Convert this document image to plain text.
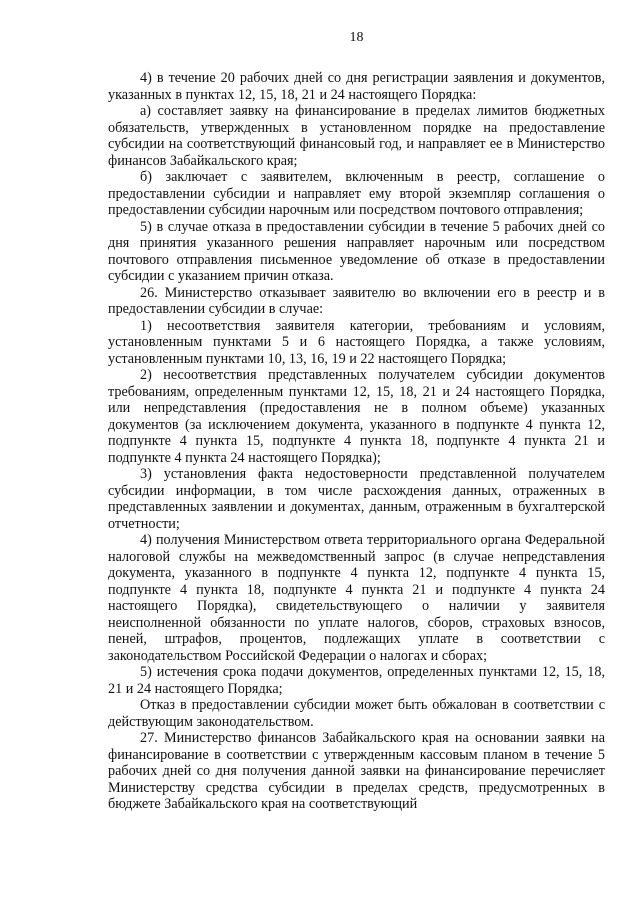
18

4) в течение 20 рабочих дней со дня регистрации заявления и документов, указанных в пунктах 12, 15, 18, 21 и 24 настоящего Порядка:

а) составляет заявку на финансирование в пределах лимитов бюджетных обязательств, утвержденных в установленном порядке на предоставление субсидии на соответствующий финансовый год, и направляет ее в Министерство финансов Забайкальского края;

б) заключает с заявителем, включенным в реестр, соглашение о предоставлении субсидии и направляет ему второй экземпляр соглашения о предоставлении субсидии нарочным или посредством почтового отправления;

5) в случае отказа в предоставлении субсидии в течение 5 рабочих дней со дня принятия указанного решения направляет нарочным или посредством почтового отправления письменное уведомление об отказе в предоставлении субсидии с указанием причин отказа.

26. Министерство отказывает заявителю во включении его в реестр и в предоставлении субсидии в случае:

1) несоответствия заявителя категории, требованиям и условиям, установленным пунктами 5 и 6 настоящего Порядка, а также условиям, установленным пунктами 10, 13, 16, 19 и 22 настоящего Порядка;

2) несоответствия представленных получателем субсидии документов требованиям, определенным пунктами 12, 15, 18, 21 и 24 настоящего Порядка, или непредставления (предоставления не в полном объеме) указанных документов (за исключением документа, указанного в подпункте 4 пункта 12, подпункте 4 пункта 15, подпункте 4 пункта 18, подпункте 4 пункта 21 и подпункте 4 пункта 24 настоящего Порядка);

3) установления факта недостоверности представленной получателем субсидии информации, в том числе расхождения данных, отраженных в представленных заявлении и документах, данным, отраженным в бухгалтерской отчетности;

4) получения Министерством ответа территориального органа Федеральной налоговой службы на межведомственный запрос (в случае непредставления документа, указанного в подпункте 4 пункта 12, подпункте 4 пункта 15, подпункте 4 пункта 18, подпункте 4 пункта 21 и подпункте 4 пункта 24 настоящего Порядка), свидетельствующего о наличии у заявителя неисполненной обязанности по уплате налогов, сборов, страховых взносов, пеней, штрафов, процентов, подлежащих уплате в соответствии с законодательством Российской Федерации о налогах и сборах;

5) истечения срока подачи документов, определенных пунктами 12, 15, 18, 21 и 24 настоящего Порядка;

Отказ в предоставлении субсидии может быть обжалован в соответствии с действующим законодательством.

27. Министерство финансов Забайкальского края на основании заявки на финансирование в соответствии с утвержденным кассовым планом в течение 5 рабочих дней со дня получения данной заявки на финансирование перечисляет Министерству средства субсидии в пределах средств, предусмотренных в бюджете Забайкальского края на соответствующий
